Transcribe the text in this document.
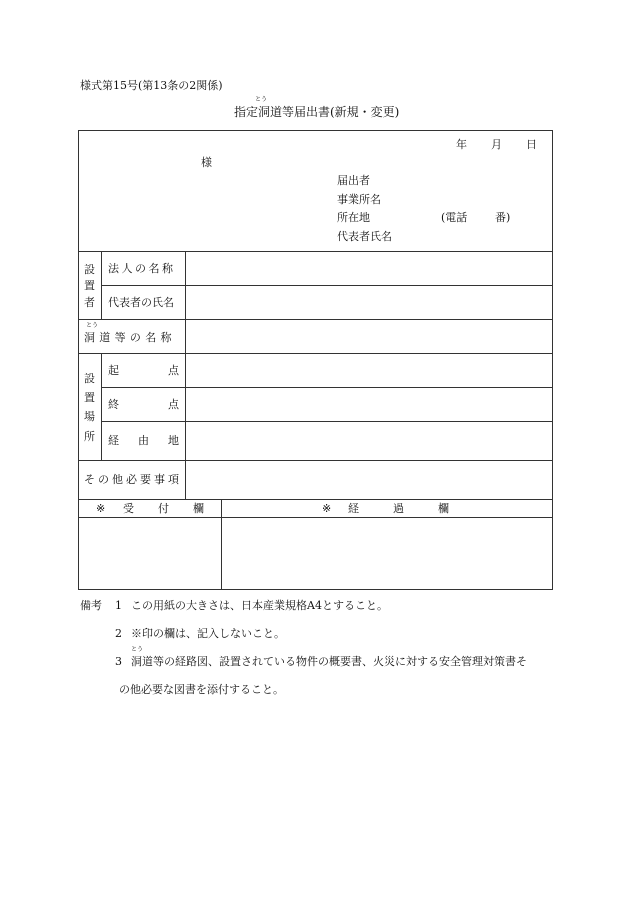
様式第15号(第13条の2関係)
とう
指定洞道等届出書(新規・変更)
年 月 日
様
届出者
事業所名
所在地	(電話	番)
代表者氏名
設
置
者
法人の名称
代表者の氏名
とう
洞道等の名称
設
置
場
所
起	点
終	点
経 由 地
その他必要事項
※ 受 付 欄	※ 経	過	欄
備考 1 この用紙の大きさは、日本産業規格A4とすること。
2 ※印の欄は、記入しないこと。
とう
3 洞道等の経路図、設置されている物件の概要書、火災に対する安全管理対策書そ
の他必要な図書を添付すること。
